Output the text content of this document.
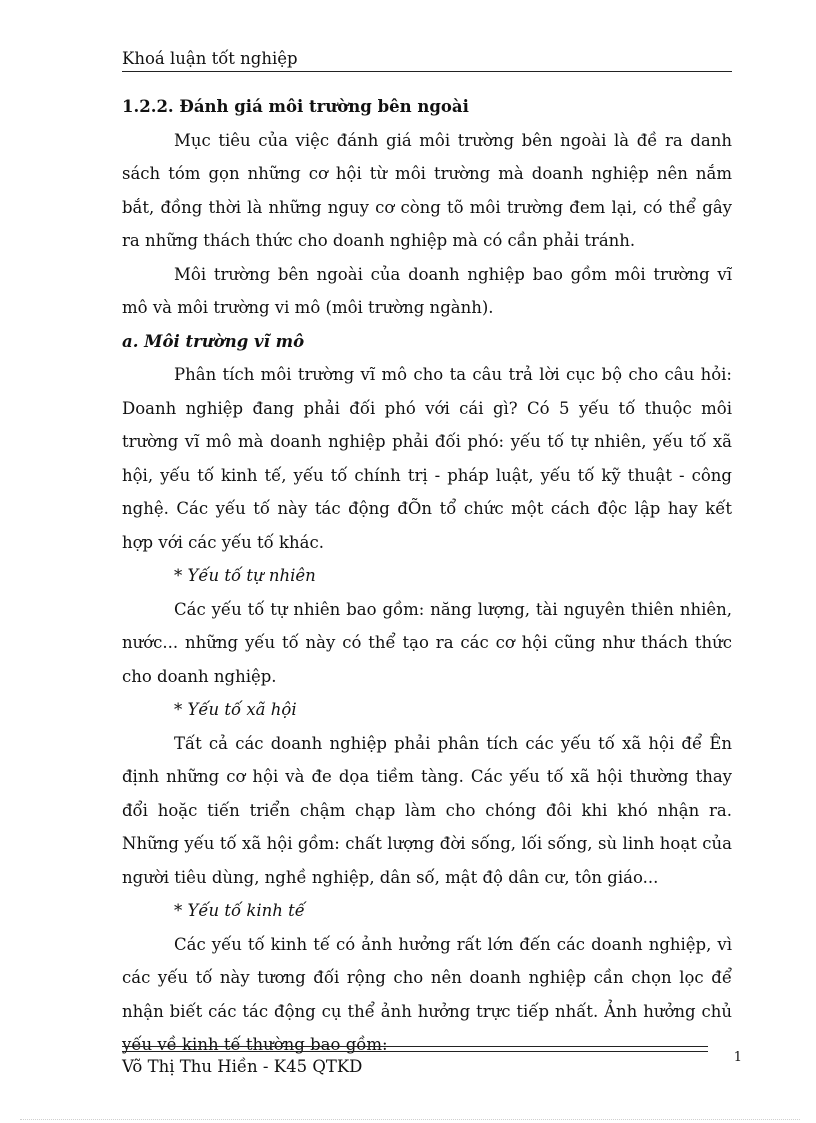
Khoá luận tốt nghiệp

1.2.2. Đánh giá môi trường bên ngoài

Mục tiêu của việc đánh giá môi trường bên ngoài là đề ra danh sách tóm gọn những cơ hội từ môi trường mà doanh nghiệp nên nắm bắt, đồng thời là những nguy cơ còng tõ môi trường đem lại, có thể gây ra những thách thức cho doanh nghiệp mà có cần phải tránh.

Môi trường bên ngoài của doanh nghiệp bao gồm môi trường vĩ mô và môi trường vi mô (môi trường ngành).

a. Môi trường vĩ mô

Phân tích môi trường vĩ mô cho ta câu trả lời cục bộ cho câu hỏi: Doanh nghiệp đang phải đối phó với cái gì? Có 5 yếu tố thuộc môi trường vĩ mô mà doanh nghiệp phải đối phó: yếu tố tự nhiên, yếu tố xã hội, yếu tố kinh tế, yếu tố chính trị - pháp luật, yếu tố kỹ thuật - công nghệ. Các yếu tố này tác động đÕn tổ chức một cách độc lập hay kết hợp với các yếu tố khác.

* Yếu tố tự nhiên

Các yếu tố tự nhiên bao gồm: năng lượng, tài nguyên thiên nhiên, nước... những yếu tố này có thể tạo ra các cơ hội cũng như thách thức cho doanh nghiệp.

* Yếu tố xã hội

Tất cả các doanh nghiệp phải phân tích các yếu tố xã hội để Ên định những cơ hội và đe dọa tiềm tàng. Các yếu tố xã hội thường thay đổi hoặc tiến triển chậm chạp làm cho chóng đôi khi khó nhận ra. Những yếu tố xã hội gồm: chất lượng đời sống, lối sống, sù linh hoạt của người tiêu dùng, nghề nghiệp, dân số, mật độ dân cư, tôn giáo...

* Yếu tố kinh tế

Các yếu tố kinh tế có ảnh hưởng rất lớn đến các doanh nghiệp, vì các yếu tố này tương đối rộng cho nên doanh nghiệp cần chọn lọc để nhận biết các tác động cụ thể ảnh hưởng trực tiếp nhất. Ảnh hưởng chủ yếu về kinh tế thường bao gồm:

Võ Thị Thu Hiền - K45 QTKD	1
